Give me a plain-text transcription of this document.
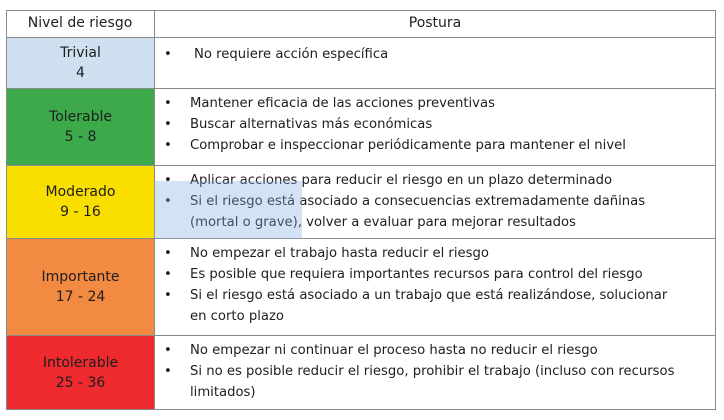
Nivel de riesgo	Postura
Trivial
4
• No requiere acción específica
Tolerable
5 - 8
• Mantener eficacia de las acciones preventivas
• Buscar alternativas más económicas
• Comprobar e inspeccionar periódicamente para mantener el nivel
Moderado
9 - 16
• Aplicar acciones para reducir el riesgo en un plazo determinado
• Si el riesgo está asociado a consecuencias extremadamente dañinas
(mortal o grave), volver a evaluar para mejorar resultados
Importante
17 - 24
• No empezar el trabajo hasta reducir el riesgo
• Es posible que requiera importantes recursos para control del riesgo
• Si el riesgo está asociado a un trabajo que está realizándose, solucionar
en corto plazo
Intolerable
25 - 36
• No empezar ni continuar el proceso hasta no reducir el riesgo
• Si no es posible reducir el riesgo, prohibir el trabajo (incluso con recursos
limitados)
